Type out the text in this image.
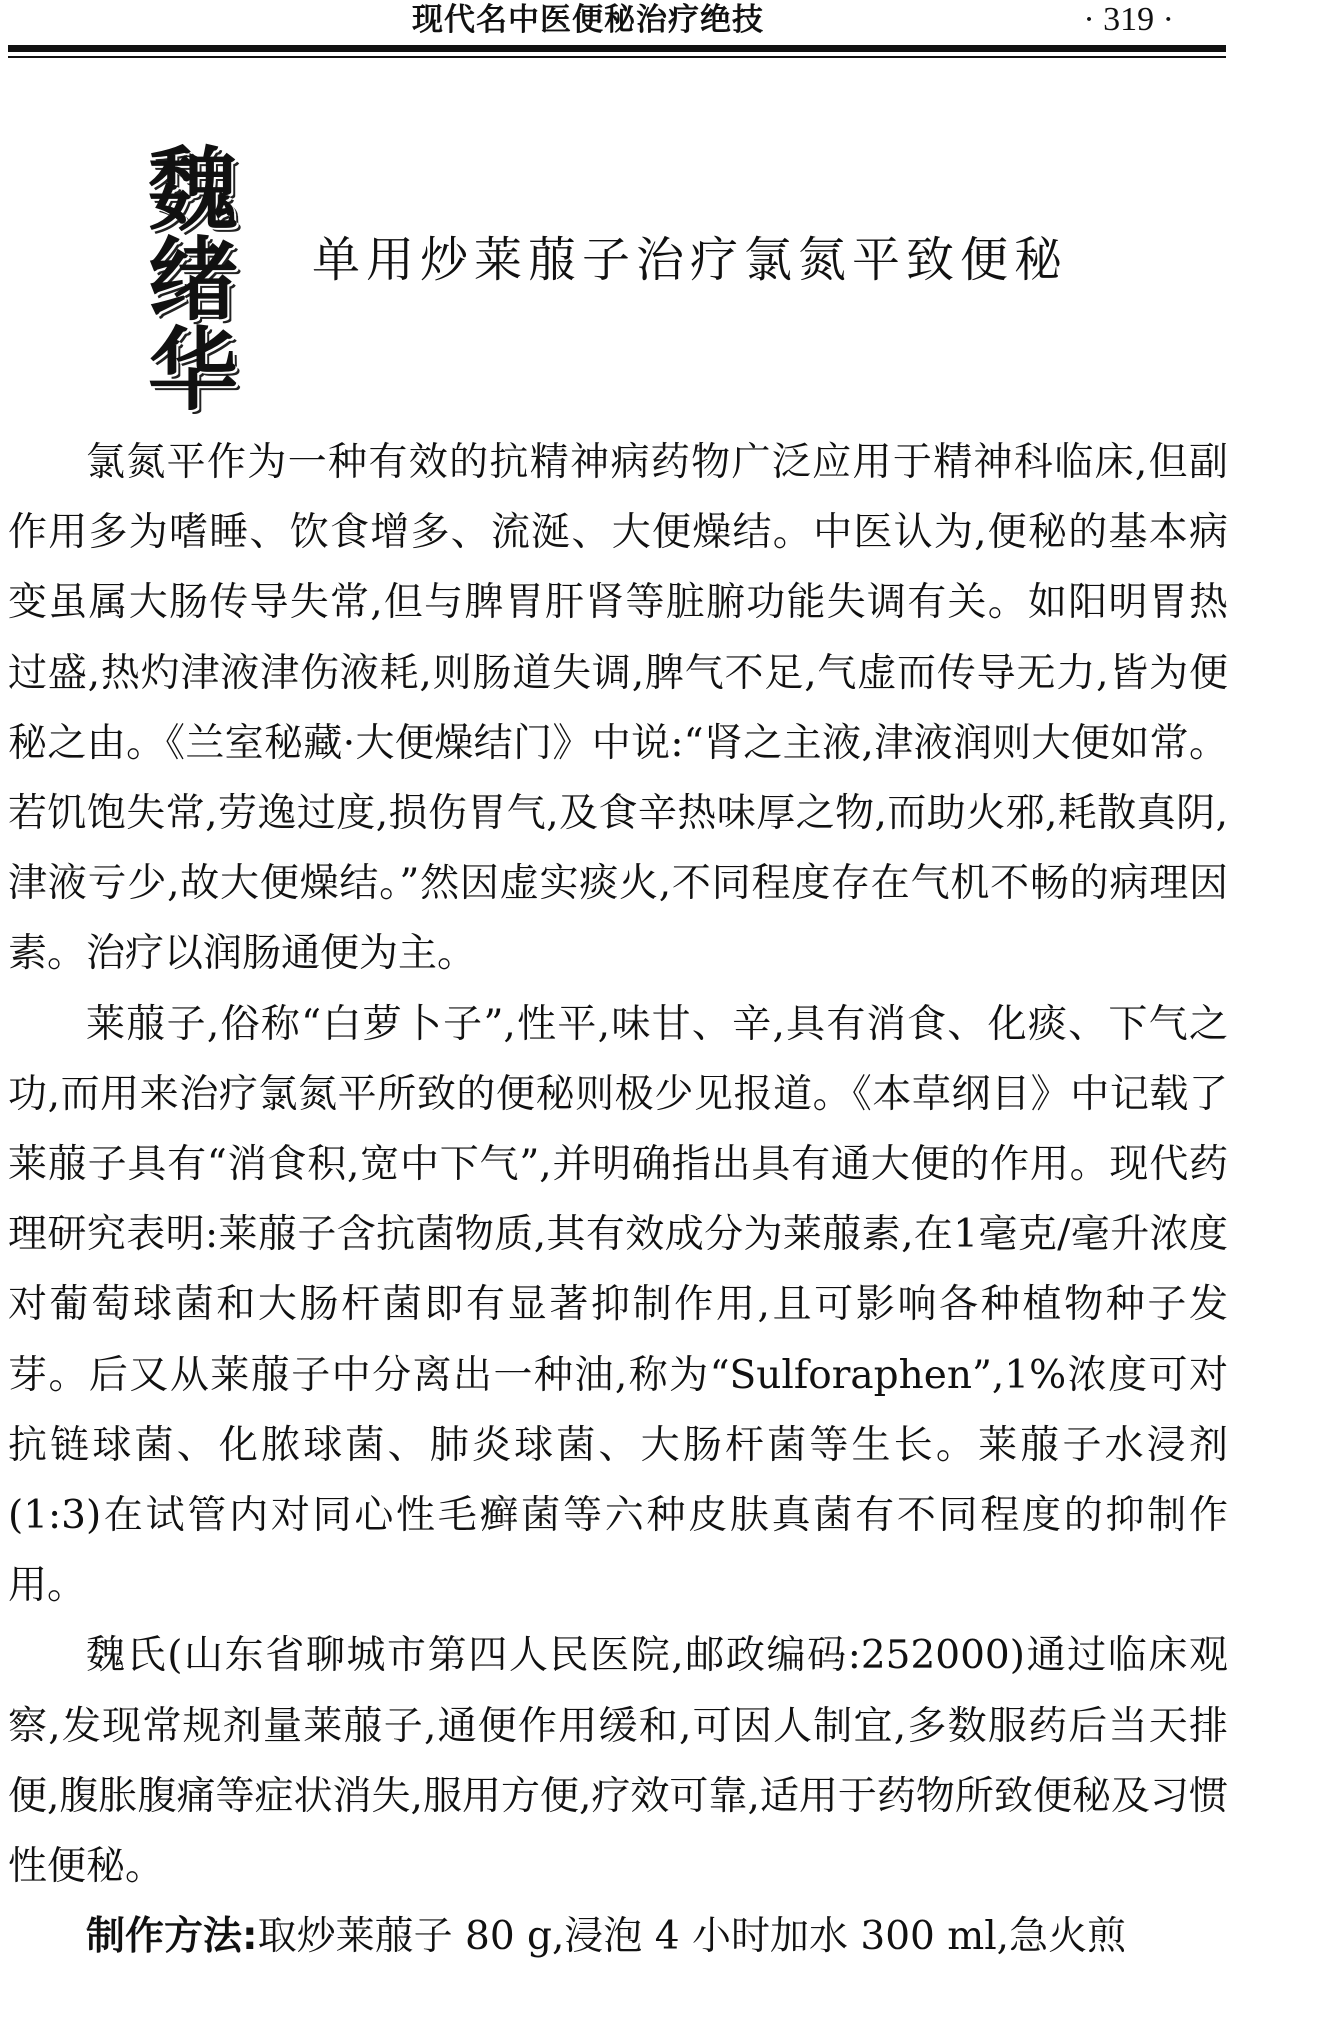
现代名中医便秘治疗绝技	· 319 ·
魏绪华 单用炒莱菔子治疗氯氮平致便秘

氯氮平作为一种有效的抗精神病药物广泛应用于精神科临床,但副作用多为嗜睡、饮食增多、流涎、大便燥结。中医认为,便秘的基本病变虽属大肠传导失常,但与脾胃肝肾等脏腑功能失调有关。如阳明胃热过盛,热灼津液津伤液耗,则肠道失调,脾气不足,气虚而传导无力,皆为便秘之由。《兰室秘藏·大便燥结门》中说:“肾之主液,津液润则大便如常。若饥饱失常,劳逸过度,损伤胃气,及食辛热味厚之物,而助火邪,耗散真阴,津液亏少,故大便燥结。”然因虚实痰火,不同程度存在气机不畅的病理因素。治疗以润肠通便为主。

莱菔子,俗称“白萝卜子”,性平,味甘、辛,具有消食、化痰、下气之功,而用来治疗氯氮平所致的便秘则极少见报道。《本草纲目》中记载了莱菔子具有“消食积,宽中下气”,并明确指出具有通大便的作用。现代药理研究表明:莱菔子含抗菌物质,其有效成分为莱菔素,在1毫克/毫升浓度对葡萄球菌和大肠杆菌即有显著抑制作用,且可影响各种植物种子发芽。后又从莱菔子中分离出一种油,称为“Sulforaphen”,1%浓度可对抗链球菌、化脓球菌、肺炎球菌、大肠杆菌等生长。莱菔子水浸剂(1:3)在试管内对同心性毛癣菌等六种皮肤真菌有不同程度的抑制作用。

魏氏(山东省聊城市第四人民医院,邮政编码:252000)通过临床观察,发现常规剂量莱菔子,通便作用缓和,可因人制宜,多数服药后当天排便,腹胀腹痛等症状消失,服用方便,疗效可靠,适用于药物所致便秘及习惯性便秘。

制作方法:取炒莱菔子 80 g,浸泡 4 小时加水 300 ml,急火煎
